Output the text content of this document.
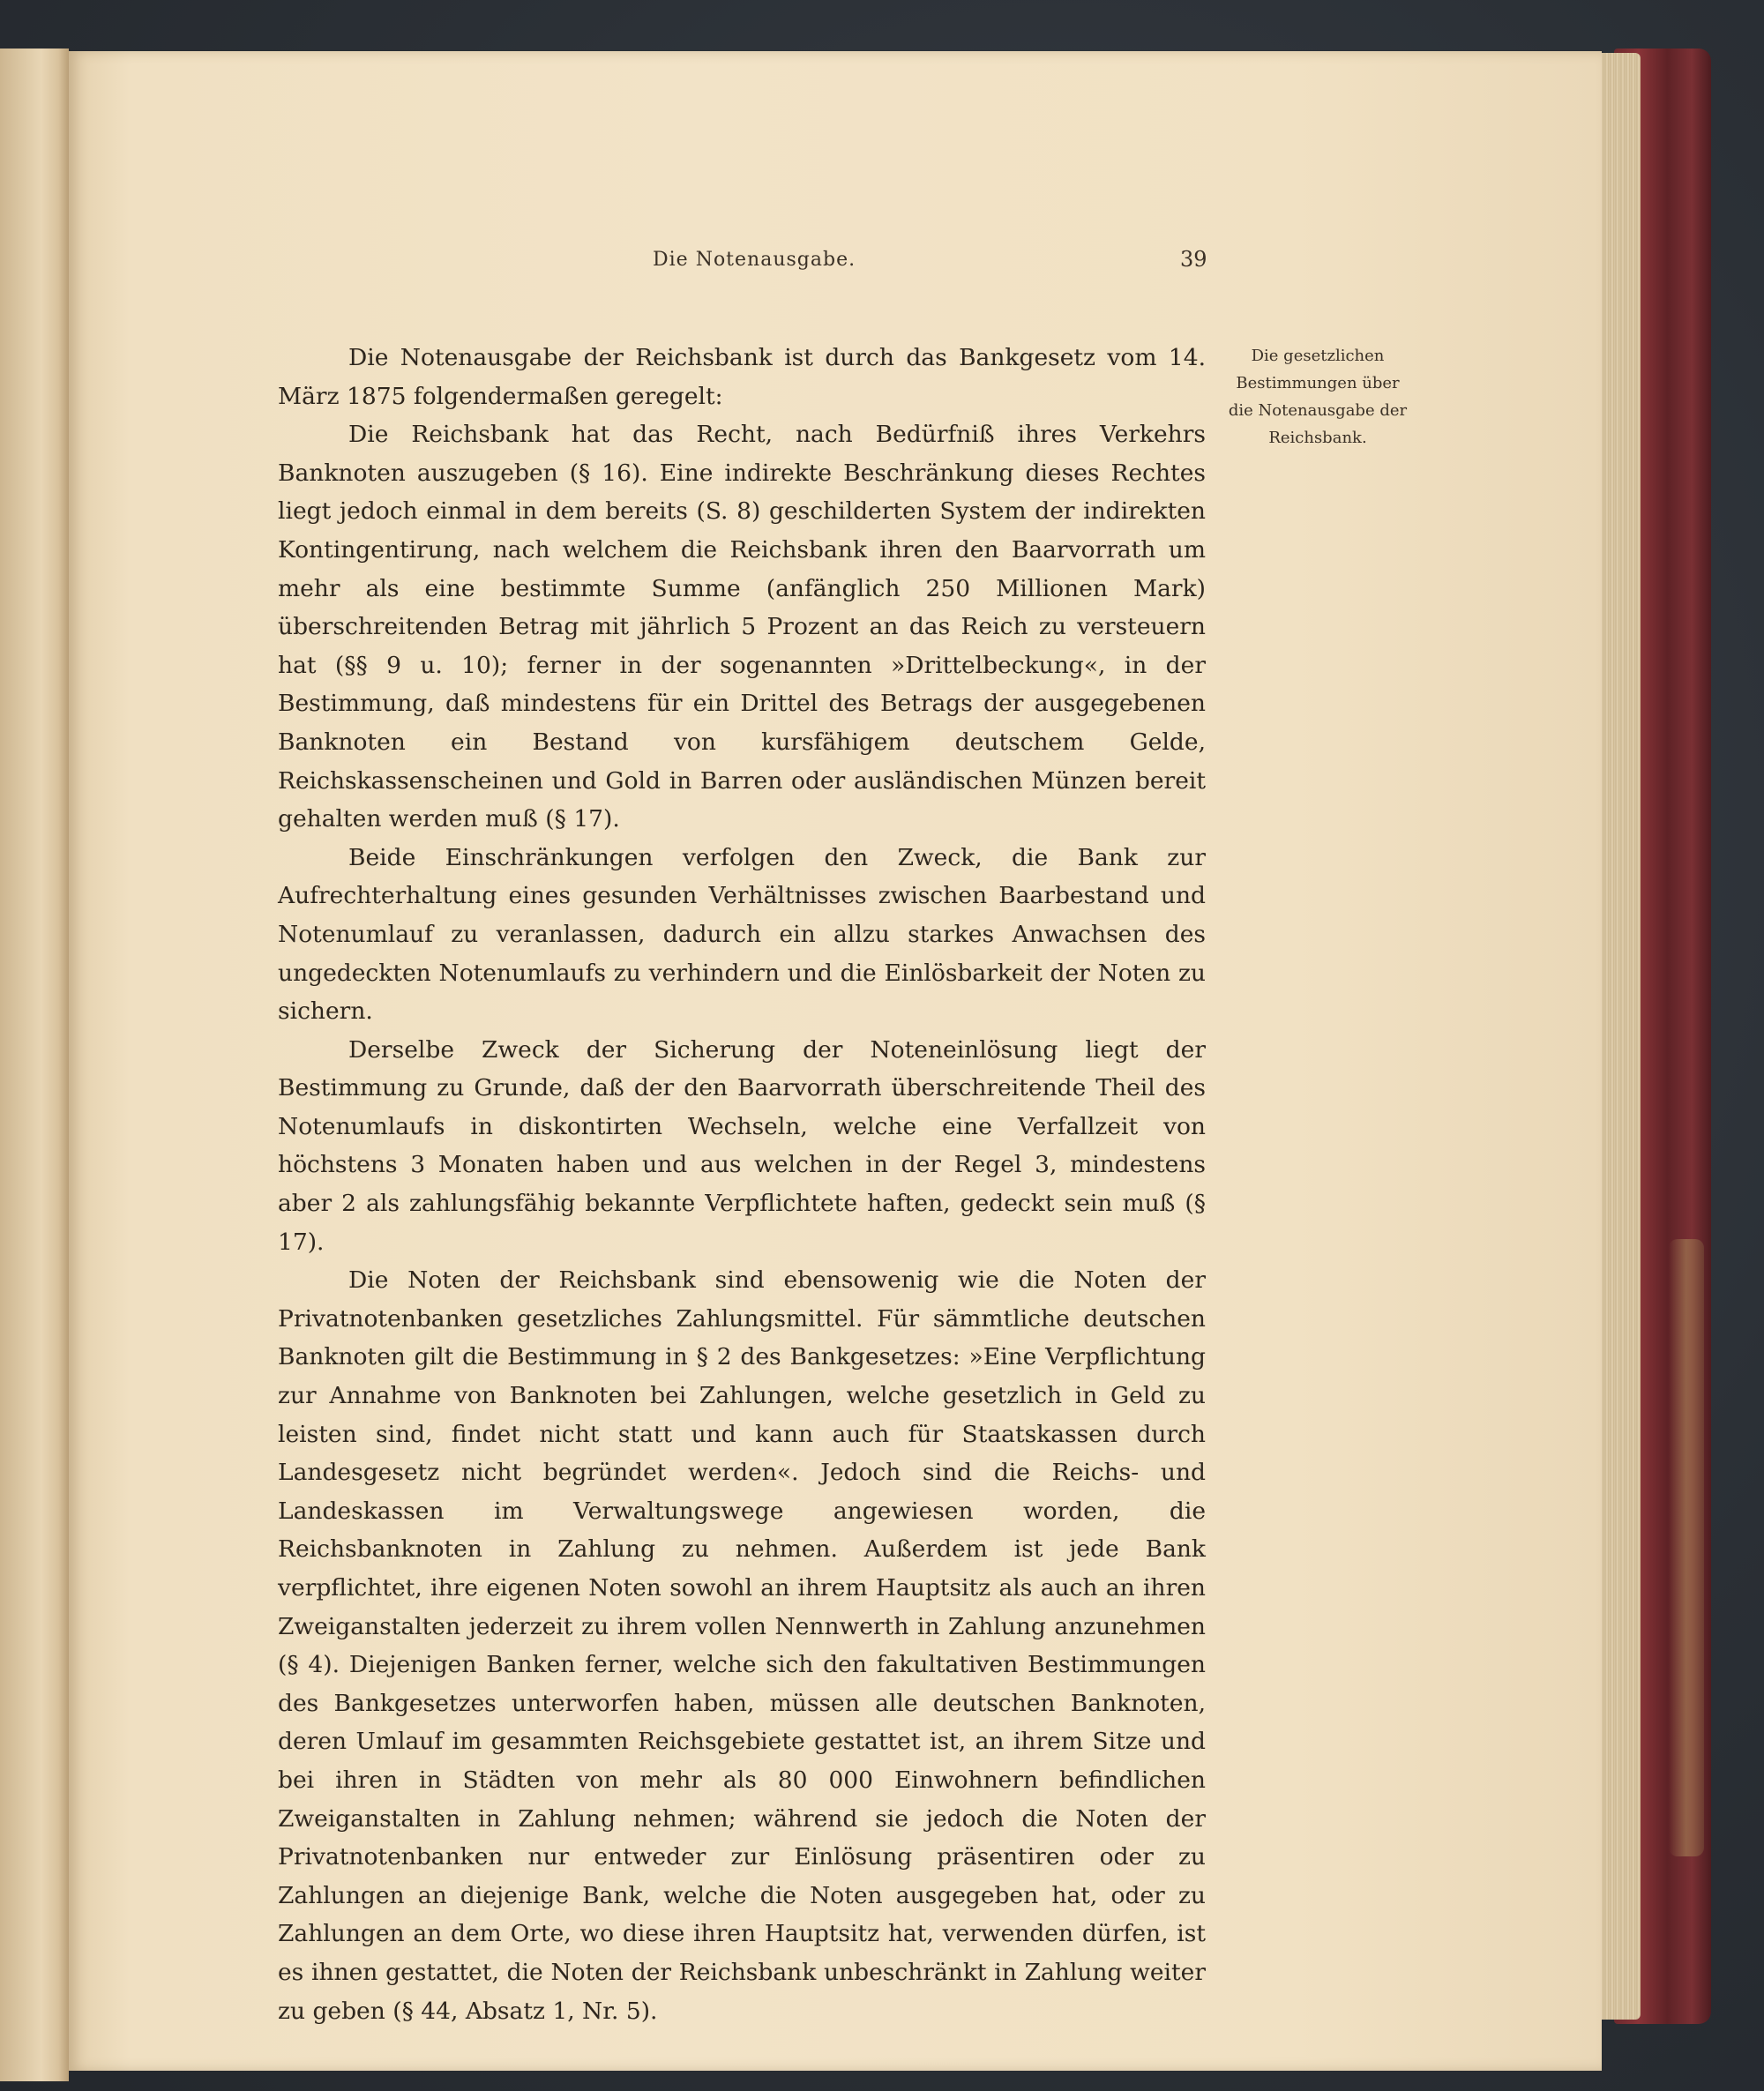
Die Notenausgabe.	39

Die Notenausgabe der Reichsbank ist durch das Bankgesetz vom 14. März 1875 folgendermaßen geregelt:

Die Reichsbank hat das Recht, nach Bedürfniß ihres Verkehrs Banknoten auszugeben (§ 16). Eine indirekte Beschränkung dieses Rechtes liegt jedoch einmal in dem bereits (S. 8) geschilderten System der indirekten Kontingentirung, nach welchem die Reichsbank ihren den Baarvorrath um mehr als eine bestimmte Summe (anfänglich 250 Millionen Mark) überschreitenden Betrag mit jährlich 5 Prozent an das Reich zu versteuern hat (§§ 9 u. 10); ferner in der sogenannten »Drittelbeckung«, in der Bestimmung, daß mindestens für ein Drittel des Betrags der ausgegebenen Banknoten ein Bestand von kursfähigem deutschem Gelde, Reichskassenscheinen und Gold in Barren oder ausländischen Münzen bereit gehalten werden muß (§ 17).

Beide Einschränkungen verfolgen den Zweck, die Bank zur Aufrechterhaltung eines gesunden Verhältnisses zwischen Baarbestand und Notenumlauf zu veranlassen, dadurch ein allzu starkes Anwachsen des ungedeckten Notenumlaufs zu verhindern und die Einlösbarkeit der Noten zu sichern.

Derselbe Zweck der Sicherung der Noteneinlösung liegt der Bestimmung zu Grunde, daß der den Baarvorrath überschreitende Theil des Notenumlaufs in diskontirten Wechseln, welche eine Verfallzeit von höchstens 3 Monaten haben und aus welchen in der Regel 3, mindestens aber 2 als zahlungsfähig bekannte Verpflichtete haften, gedeckt sein muß (§ 17).

Die Noten der Reichsbank sind ebensowenig wie die Noten der Privatnotenbanken gesetzliches Zahlungsmittel. Für sämmtliche deutschen Banknoten gilt die Bestimmung in § 2 des Bankgesetzes: »Eine Verpflichtung zur Annahme von Banknoten bei Zahlungen, welche gesetzlich in Geld zu leisten sind, findet nicht statt und kann auch für Staatskassen durch Landesgesetz nicht begründet werden«. Jedoch sind die Reichs- und Landeskassen im Verwaltungswege angewiesen worden, die Reichsbanknoten in Zahlung zu nehmen. Außerdem ist jede Bank verpflichtet, ihre eigenen Noten sowohl an ihrem Hauptsitz als auch an ihren Zweiganstalten jederzeit zu ihrem vollen Nennwerth in Zahlung anzunehmen (§ 4). Diejenigen Banken ferner, welche sich den fakultativen Bestimmungen des Bankgesetzes unterworfen haben, müssen alle deutschen Banknoten, deren Umlauf im gesammten Reichsgebiete gestattet ist, an ihrem Sitze und bei ihren in Städten von mehr als 80 000 Einwohnern befindlichen Zweiganstalten in Zahlung nehmen; während sie jedoch die Noten der Privatnotenbanken nur entweder zur Einlösung präsentiren oder zu Zahlungen an diejenige Bank, welche die Noten ausgegeben hat, oder zu Zahlungen an dem Orte, wo diese ihren Hauptsitz hat, verwenden dürfen, ist es ihnen gestattet, die Noten der Reichsbank unbeschränkt in Zahlung weiter zu geben (§ 44, Absatz 1, Nr. 5).

Die gesetzlichen Bestimmungen über die Notenausgabe der Reichsbank.
